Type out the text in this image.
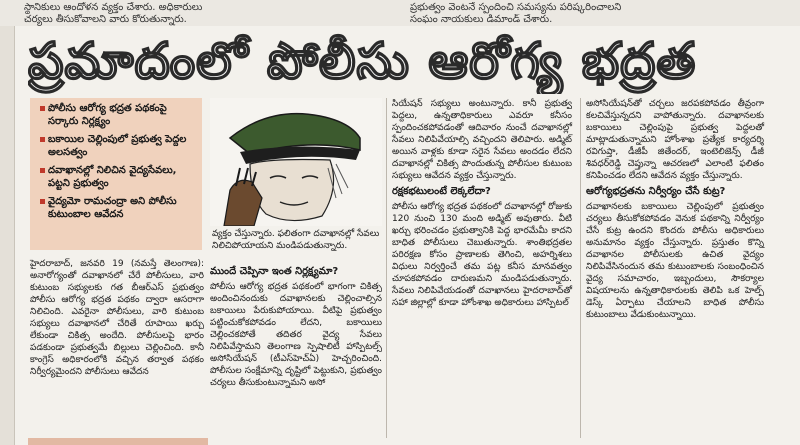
స్థానికులు ఆందోళన వ్యక్తం చేశారు. అధికారులు
చర్యలు తీసుకోవాలని వారు కోరుతున్నారు.
ప్రభుత్వం వెంటనే స్పందించి సమస్యను పరిష్కరించాలని
సంఘం నాయకులు డిమాండ్ చేశారు.
ప్రమాదంలో పోలీసు ఆరోగ్య భద్రత
పోలీసు ఆరోగ్య భద్రత పథకంపై సర్కారు నిర్లక్ష్యం
బకాయిల చెల్లింపులో ప్రభుత్వ పెద్దల అలసత్వం
దవాఖానల్లో నిలిచిన వైద్యసేవలు, పట్టని ప్రభుత్వం
వైద్యమో రామచంద్రా అని పోలీసు కుటుంబాల ఆవేదన
వ్యక్తం చేస్తున్నారు. ఫలితంగా దవాఖానల్లో సేవలు నిలిచిపోయాయని మండిపడుతున్నారు.
ముందే చెప్పినా ఇంత నిర్లక్ష్యమా?

పోలీసు ఆరోగ్య భద్రత పథకంలో భాగంగా చికిత్స అందించినందుకు దవాఖానలకు చెల్లించాల్సిన బకాయిలు పేరుకుపోయాయి. వీటిపై ప్రభుత్వం పట్టించుకోకపోవడం లేదని, బకాయిలు చెల్లించకపోతే తదితర వైద్య సేవలు నిలిపివేస్తామని తెలంగాణ స్పెషాలిటీ హాస్పిటల్స్ అసోసియేషన్ (టీఎస్‌హెచ్ఏ) హెచ్చరించింది. పోలీసుల సంక్షేమాన్ని దృష్టిలో పెట్టుకుని, ప్రభుత్వం చర్యలు తీసుకుంటున్నామని అసో

హైదరాబాద్, జనవరి 19 (నమస్తే తెలంగాణ): అనారోగ్యంతో దవాఖానలో చేరే పోలీసులు, వారి కుటుంబ సభ్యులకు గత బీఆర్ఎస్ ప్రభుత్వం పోలీసు ఆరోగ్య భద్రత పథకం ద్వారా ఆసరాగా నిలిచింది. ఎవరైనా పోలీసులు, వారి కుటుంబ సభ్యులు దవాఖానలో చేరితే రూపాయి ఖర్చు లేకుండా చికిత్స అందేది. పోలీసులపై భారం పడకుండా ప్రభుత్వమే బిల్లులు చెల్లించింది. కానీ కాంగ్రెస్ అధికారంలోకి వచ్చిన తర్వాత పథకం నిర్వీర్యమైందని పోలీసులు ఆవేదన

సియేషన్ సభ్యులు అంటున్నారు. కానీ ప్రభుత్వ పెద్దలు, ఉన్నతాధికారులు ఎవరూ కనీసం స్పందించకపోవడంతో ఆదివారం నుంచే దవాఖానల్లో సేవలు నిలిపివేయాల్సి వచ్చిందని తెలిపారు. అడ్మిట్ అయిన వాళ్లకు కూడా సరైన సేవలు అందడం లేదని దవాఖానల్లో చికిత్స పొందుతున్న పోలీసుల కుటుంబ సభ్యులు ఆవేదన వ్యక్తం చేస్తున్నారు.

రక్షకభటులంటే లెక్కలేదా?

పోలీసు ఆరోగ్య భద్రత పథకంలో దవాఖానల్లో రోజుకు 120 నుంచి 130 మంది అడ్మిట్ అవుతారు. వీటి ఖర్చు భరించడం ప్రభుత్వానికి పెద్ద భారమేమీ కాదని బాధిత పోలీసులు చెబుతున్నారు. శాంతిభద్రతల పరిరక్షణ కోసం ప్రాణాలకు తెగించి, అహర్నిశలు విధులు నిర్వర్తించే తమ పట్ల కనీస మానవత్వం చూపకపోవడం దారుణమని మండిపడుతున్నారు. సేవలు నిలిపివేయడంతో దవాఖానలు హైదరాబాద్‌తో సహా జిల్లాల్లో కూడా హోంశాఖ అధికారులు హాస్పిటల్

అసోసియేషన్‌తో చర్చలు జరపకపోవడం తీవ్రంగా కలచివేస్తున్నదని వాపోతున్నారు. దవాఖానలకు బకాయిలు చెల్లింపుపై ప్రభుత్వ పెద్దలతో మాట్లాడుతున్నామని హోంశాఖ ప్రత్యేక కార్యదర్శి రవిగుప్తా, డీజీపీ జితేందర్, ఇంటెలిజెన్స్ డీజీ శివధర్‌రెడ్డి చెప్తున్నా ఆచరణలో ఎలాంటి ఫలితం కనిపించడం లేదని ఆవేదన వ్యక్తం చేస్తున్నారు.

ఆరోగ్యభద్రతను నిర్వీర్యం చేసే కుట్ర?

దవాఖానలకు బకాయిలు చెల్లింపులో ప్రభుత్వం చర్యలు తీసుకోకపోవడం వెనుక పథకాన్ని నిర్వీర్యం చేసే కుట్ర ఉందని కొందరు పోలీసు అధికారులు అనుమానం వ్యక్తం చేస్తున్నారు. ప్రస్తుతం కొన్ని దవాఖానల పోలీసులకు ఉచిత వైద్యం నిలిపివేసినందున తమ కుటుంబాలకు సంబంధించిన వైద్య సమాచారం, ఇబ్బందులు, సౌకర్యాల విషయాలను ఉన్నతాధికారులకు తెలిపి ఒక హెల్ప్ డెస్క్ ఏర్పాటు చేయాలని బాధిత పోలీసు కుటుంబాలు వేడుకుంటున్నాయి.
